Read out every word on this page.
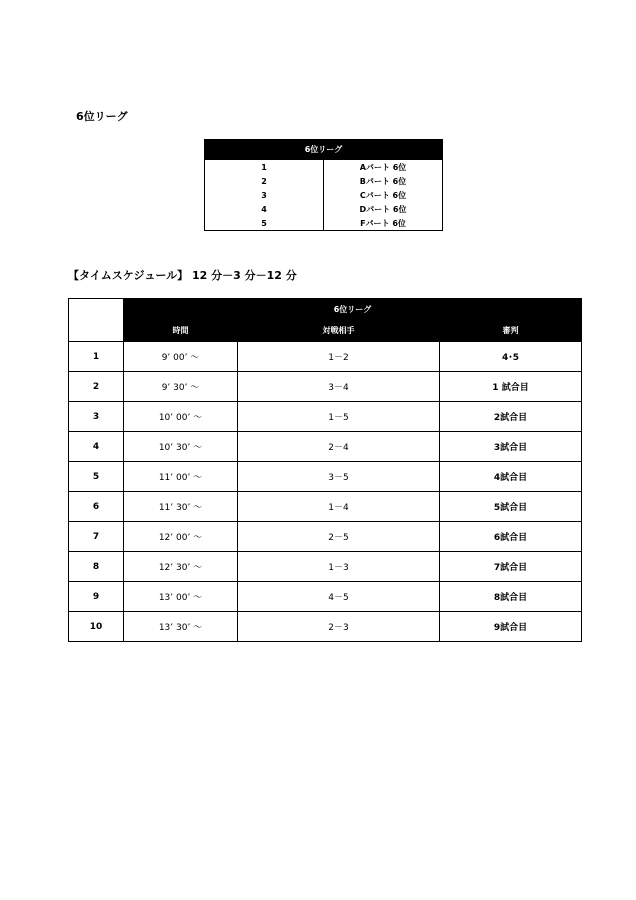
6位リーグ
6位リーグ	
1	Aパート 6位
2	Bパート 6位
3	Cパート 6位
4	Dパート 6位
5	Fパート 6位
【タイムスケジュール】 12 分－3 分－12 分
	6位リーグ		
	時間	対戦相手	審判
1	9’ 00’ ～	1－2	4･5
2	9’ 30’ ～	3－4	1 試合目
3	10’ 00’ ～	1－5	2試合目
4	10’ 30’ ～	2－4	3試合目
5	11’ 00’ ～	3－5	4試合目
6	11’ 30’ ～	1－4	5試合目
7	12’ 00’ ～	2－5	6試合目
8	12’ 30’ ～	1－3	7試合目
9	13’ 00’ ～	4－5	8試合目
10	13’ 30’ ～	2－3	9試合目
